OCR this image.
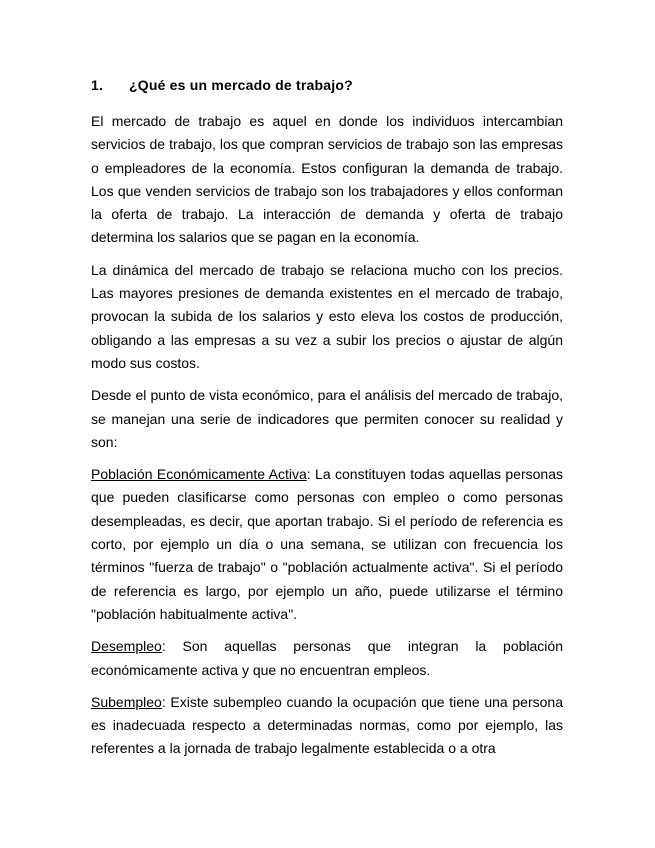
1. ¿Qué es un mercado de trabajo?

El mercado de trabajo es aquel en donde los individuos intercambian servicios de trabajo, los que compran servicios de trabajo son las empresas o empleadores de la economía. Estos configuran la demanda de trabajo. Los que venden servicios de trabajo son los trabajadores y ellos conforman la oferta de trabajo. La interacción de demanda y oferta de trabajo determina los salarios que se pagan en la economía.

La dinámica del mercado de trabajo se relaciona mucho con los precios. Las mayores presiones de demanda existentes en el mercado de trabajo, provocan la subida de los salarios y esto eleva los costos de producción, obligando a las empresas a su vez a subir los precios o ajustar de algún modo sus costos.

Desde el punto de vista económico, para el análisis del mercado de trabajo, se manejan una serie de indicadores que permiten conocer su realidad y son:

Población Económicamente Activa: La constituyen todas aquellas personas que pueden clasificarse como personas con empleo o como personas desempleadas, es decir, que aportan trabajo. Si el período de referencia es corto, por ejemplo un día o una semana, se utilizan con frecuencia los términos "fuerza de trabajo" o "población actualmente activa". Si el período de referencia es largo, por ejemplo un año, puede utilizarse el término "población habitualmente activa".

Desempleo: Son aquellas personas que integran la población económicamente activa y que no encuentran empleos.

Subempleo: Existe subempleo cuando la ocupación que tiene una persona es inadecuada respecto a determinadas normas, como por ejemplo, las referentes a la jornada de trabajo legalmente establecida o a otra
